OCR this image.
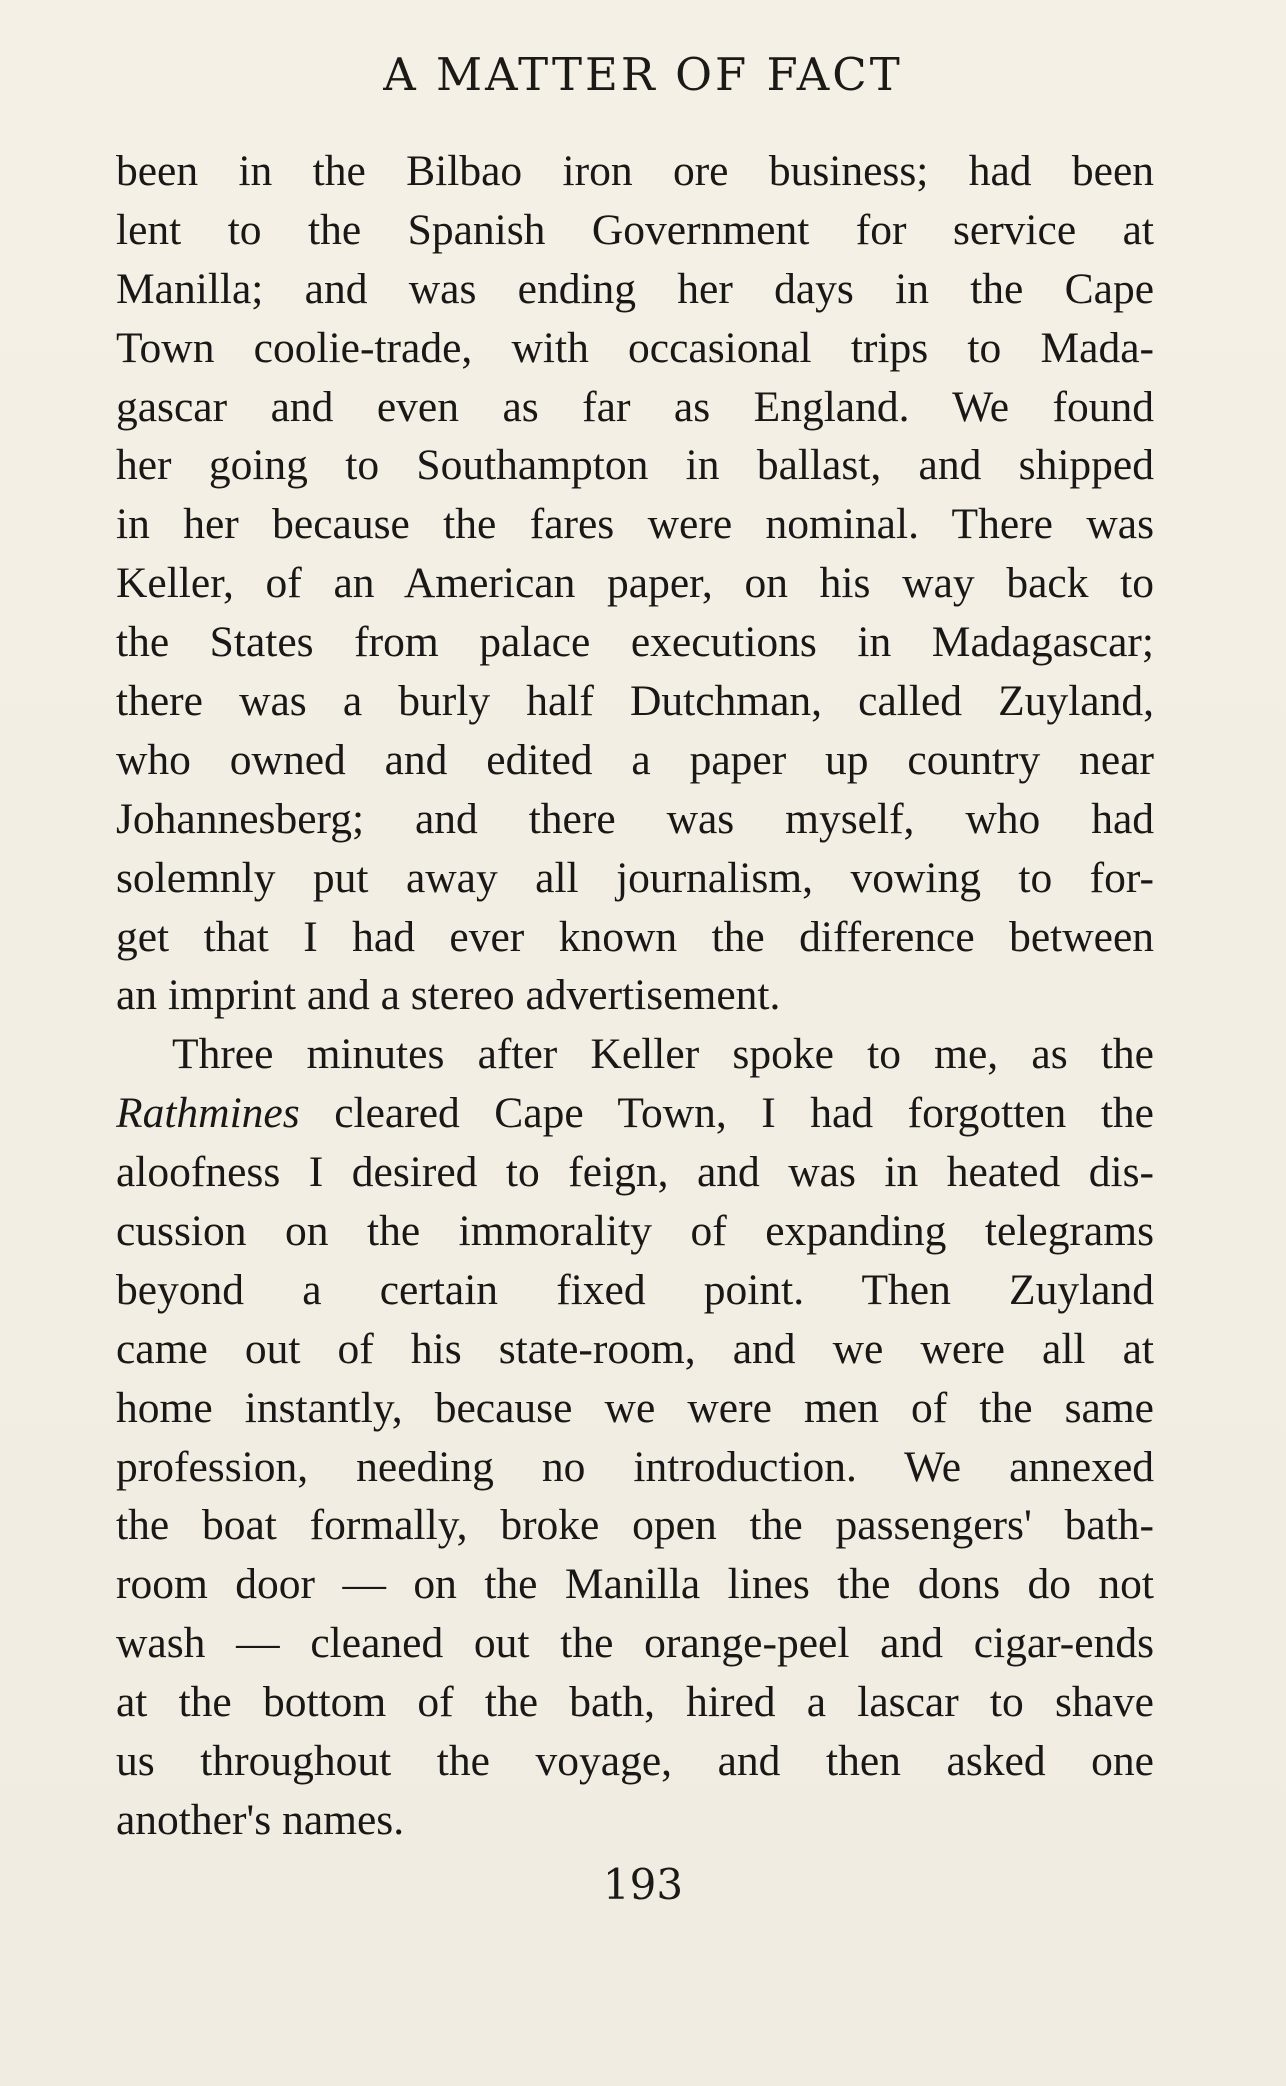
A MATTER OF FACT
been in the Bilbao iron ore business; had been
lent to the Spanish Government for service at
Manilla; and was ending her days in the Cape
Town coolie-trade, with occasional trips to Mada-
gascar and even as far as England. We found
her going to Southampton in ballast, and shipped
in her because the fares were nominal. There was
Keller, of an American paper, on his way back to
the States from palace executions in Madagascar;
there was a burly half Dutchman, called Zuyland,
who owned and edited a paper up country near
Johannesberg; and there was myself, who had
solemnly put away all journalism, vowing to for-
get that I had ever known the difference between
an imprint and a stereo advertisement.
Three minutes after Keller spoke to me, as the
Rathmines cleared Cape Town, I had forgotten the
aloofness I desired to feign, and was in heated dis-
cussion on the immorality of expanding telegrams
beyond a certain fixed point. Then Zuyland
came out of his state-room, and we were all at
home instantly, because we were men of the same
profession, needing no introduction. We annexed
the boat formally, broke open the passengers' bath-
room door — on the Manilla lines the dons do not
wash — cleaned out the orange-peel and cigar-ends
at the bottom of the bath, hired a lascar to shave
us throughout the voyage, and then asked one
another's names.
193
